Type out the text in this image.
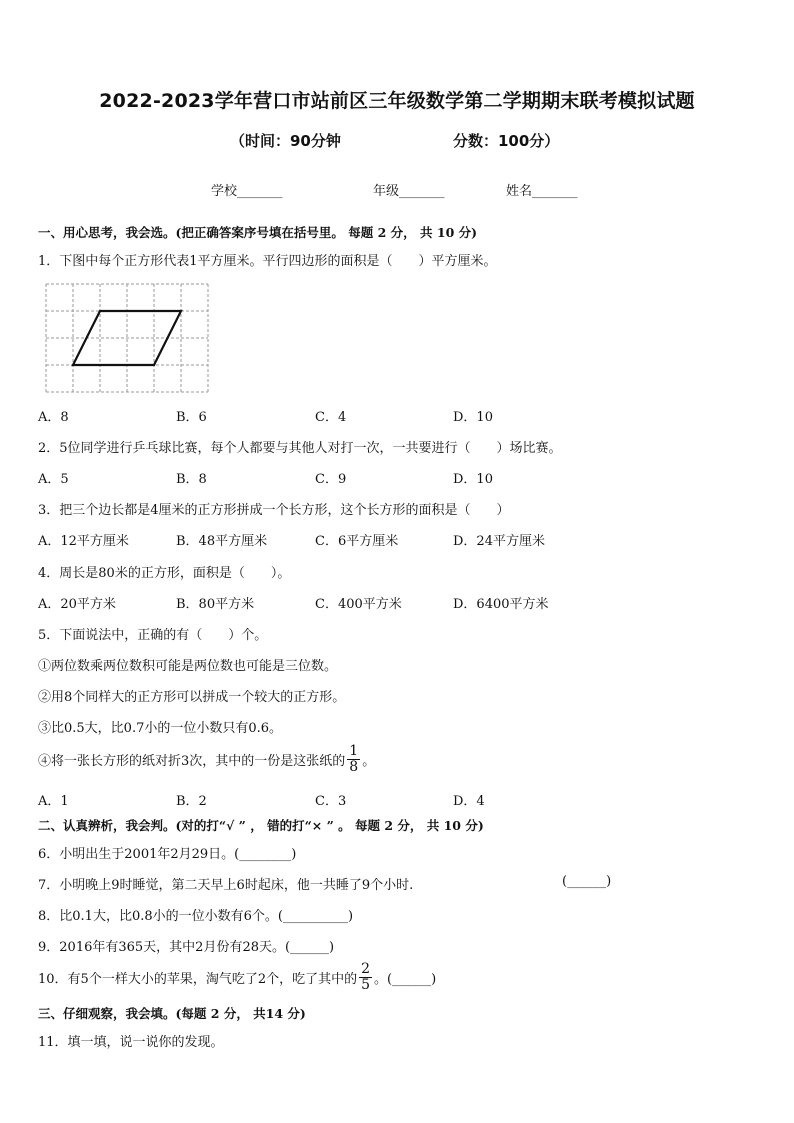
2022-2023学年营口市站前区三年级数学第二学期期末联考模拟试题
（时间：90分钟	分数：100分）
学校_______	年级_______	姓名_______
一、用心思考，我会选。(把正确答案序号填在括号里。 每题 2 分， 共 10 分)
1．下图中每个正方形代表1平方厘米。平行四边形的面积是（　　）平方厘米。
A．8	B．6	C．4	D．10
2．5位同学进行乒乓球比赛，每个人都要与其他人对打一次，一共要进行（　　）场比赛。
A．5	B．8	C．9	D．10
3．把三个边长都是4厘米的正方形拼成一个长方形，这个长方形的面积是（　　）
A．12平方厘米	B．48平方厘米	C．6平方厘米	D．24平方厘米
4．周长是80米的正方形，面积是（　　）。
A．20平方米	B．80平方米	C．400平方米	D．6400平方米
5．下面说法中，正确的有（　　）个。
①两位数乘两位数积可能是两位数也可能是三位数。
②用8个同样大的正方形可以拼成一个较大的正方形。
③比0.5大，比0.7小的一位小数只有0.6。
④将一张长方形的纸对折3次，其中的一份是这张纸的 $\frac{1}{8}$ 。
A．1	B．2	C．3	D．4
二、认真辨析，我会判。(对的打“√ ” ， 错的打“× ” 。 每题 2 分， 共 10 分)
6．小明出生于2001年2月29日。(________)
7．小明晚上9时睡觉，第二天早上6时起床，他一共睡了9个小时.	(______)
8．比0.1大，比0.8小的一位小数有6个。(__________)
9．2016年有365天，其中2月份有28天。(______)
10．有5个一样大小的苹果，淘气吃了2个，吃了其中的 $\frac{2}{5}$ 。(______)
三、仔细观察，我会填。(每题 2 分， 共14 分)
11．填一填，说一说你的发现。
